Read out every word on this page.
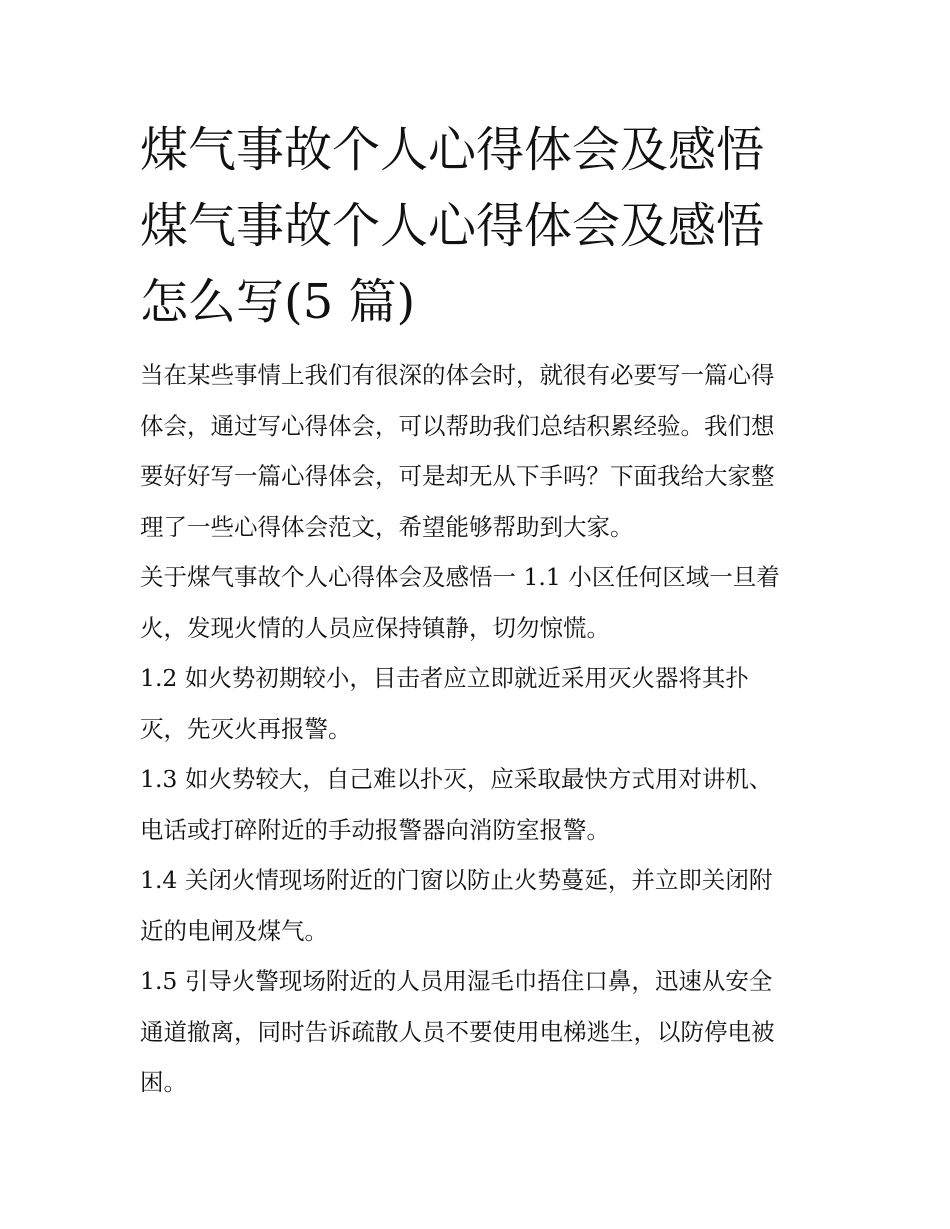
煤气事故个人心得体会及感悟
煤气事故个人心得体会及感悟
怎么写(5 篇)

当在某些事情上我们有很深的体会时，就很有必要写一篇心得
体会，通过写心得体会，可以帮助我们总结积累经验。我们想
要好好写一篇心得体会，可是却无从下手吗？下面我给大家整
理了一些心得体会范文，希望能够帮助到大家。

关于煤气事故个人心得体会及感悟一 1.1 小区任何区域一旦着
火，发现火情的人员应保持镇静，切勿惊慌。

1.2 如火势初期较小，目击者应立即就近采用灭火器将其扑
灭，先灭火再报警。

1.3 如火势较大，自己难以扑灭，应采取最快方式用对讲机、
电话或打碎附近的手动报警器向消防室报警。

1.4 关闭火情现场附近的门窗以防止火势蔓延，并立即关闭附
近的电闸及煤气。

1.5 引导火警现场附近的人员用湿毛巾捂住口鼻，迅速从安全
通道撤离，同时告诉疏散人员不要使用电梯逃生，以防停电被
困。
